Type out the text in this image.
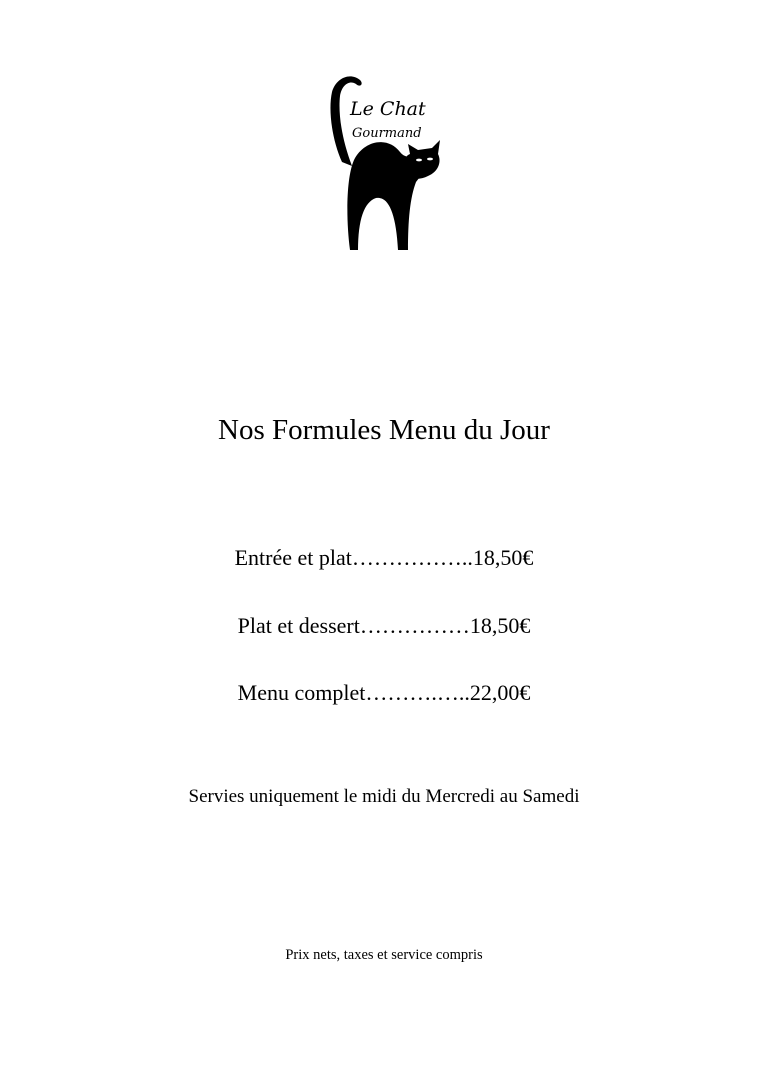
Le Chat
Gourmand
Nos Formules Menu du Jour
Entrée et plat……………..18,50€
Plat et dessert……………18,50€
Menu complet……….…..22,00€
Servies uniquement le midi du Mercredi au Samedi
Prix nets, taxes et service compris
